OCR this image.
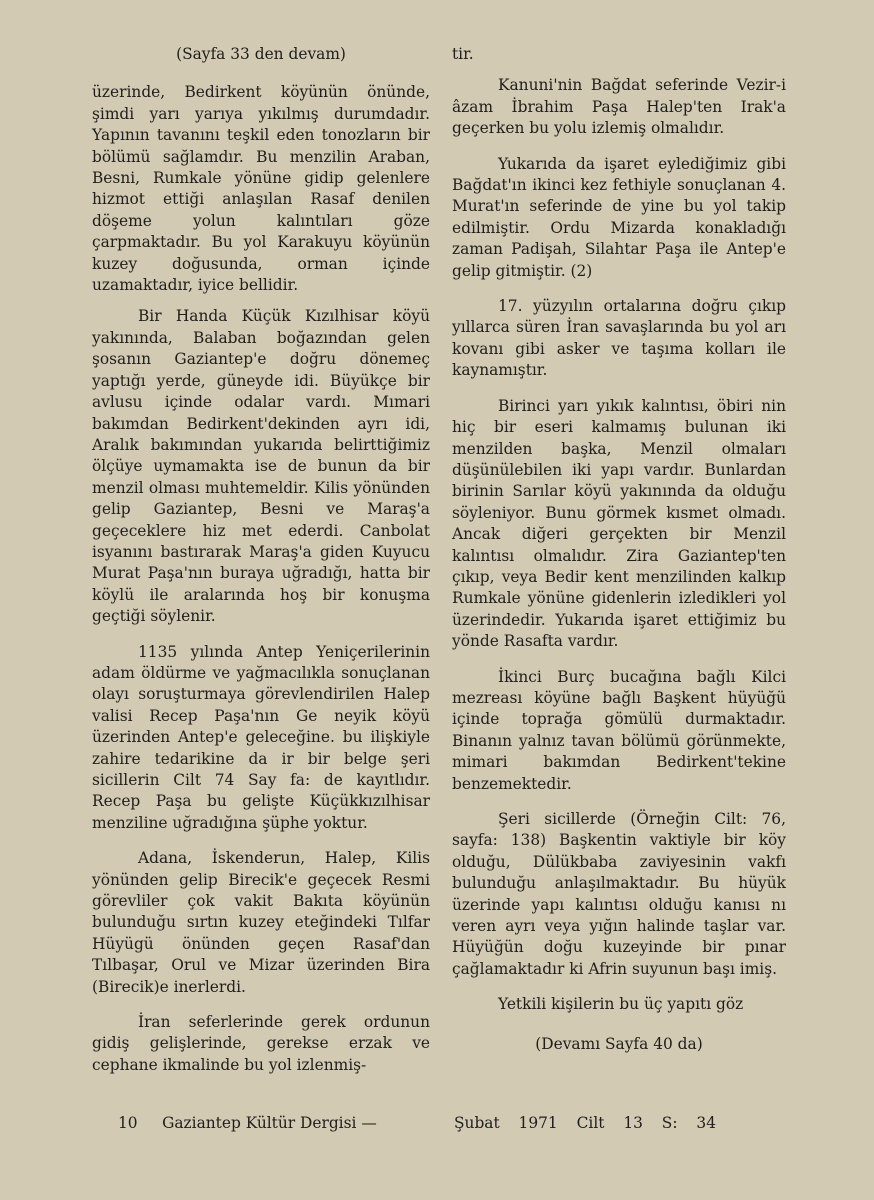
(Sayfa 33 den devam)

üzerinde, Bedirkent köyünün önünde, şimdi yarı yarıya yıkılmış durumdadır. Yapının tavanını teşkil eden tonozların bir bölümü sağlamdır. Bu menzilin Araban, Besni, Rumkale yönüne gidip gelenlere hizmot ettiği anlaşılan Rasaf denilen döşeme yolun kalıntıları göze çarpmaktadır. Bu yol Karakuyu köyünün kuzey doğusunda, orman içinde uzamaktadır, iyice bellidir.

Bir Handa Küçük Kızılhisar köyü yakınında, Balaban boğazından gelen şosanın Gaziantep'e doğru dönemeç yaptığı yerde, güneyde idi. Büyükçe bir avlusu içinde odalar vardı. Mımari bakımdan Bedirkent'dekinden ayrı idi, Aralık bakımından yukarıda belirttiğimiz ölçüye uymamakta ise de bunun da bir menzil olması muhtemeldir. Kilis yönünden gelip Gaziantep, Besni ve Maraş'a geçeceklere hiz met ederdi. Canbolat isyanını bastırarak Maraş'a giden Kuyucu Murat Paşa'nın buraya uğradığı, hatta bir köylü ile aralarında hoş bir konuşma geçtiği söylenir.

1135 yılında Antep Yeniçerilerinin adam öldürme ve yağmacılıkla sonuçlanan olayı soruşturmaya görevlendirilen Halep valisi Recep Paşa'nın Ge neyik köyü üzerinden Antep'e geleceğine. bu ilişkiyle zahire tedarikine da ir bir belge şeri sicillerin Cilt 74 Say fa: de kayıtlıdır. Recep Paşa bu gelişte Küçükkızılhisar menziline uğradığına şüphe yoktur.

Adana, İskenderun, Halep, Kilis yönünden gelip Birecik'e geçecek Resmi görevliler çok vakit Bakıta köyünün bulunduğu sırtın kuzey eteğindeki Tılfar Hüyügü önünden geçen Rasaf'dan Tılbaşar, Orul ve Mizar üzerinden Bira (Birecik)e inerlerdi.

İran seferlerinde gerek ordunun gidiş gelişlerinde, gerekse erzak ve cephane ikmalinde bu yol izlenmiş-

tir.

Kanuni'nin Bağdat seferinde Vezir-i âzam İbrahim Paşa Halep'ten Irak'a geçerken bu yolu izlemiş olmalıdır.

Yukarıda da işaret eylediğimiz gibi Bağdat'ın ikinci kez fethiyle sonuçlanan 4. Murat'ın seferinde de yine bu yol takip edilmiştir. Ordu Mizarda konakladığı zaman Padişah, Silahtar Paşa ile Antep'e gelip gitmiştir. (2)

17. yüzyılın ortalarına doğru çıkıp yıllarca süren İran savaşlarında bu yol arı kovanı gibi asker ve taşıma kolları ile kaynamıştır.

Birinci yarı yıkık kalıntısı, öbiri nin hiç bir eseri kalmamış bulunan iki menzilden başka, Menzil olmaları düşünülebilen iki yapı vardır. Bunlardan birinin Sarılar köyü yakınında da olduğu söyleniyor. Bunu görmek kısmet olmadı. Ancak diğeri gerçekten bir Menzil kalıntısı olmalıdır. Zira Gaziantep'ten çıkıp, veya Bedir kent menzilinden kalkıp Rumkale yönüne gidenlerin izledikleri yol üzerindedir. Yukarıda işaret ettiğimiz bu yönde Rasafta vardır.

İkinci Burç bucağına bağlı Kilci mezreası köyüne bağlı Başkent hüyüğü içinde toprağa gömülü durmaktadır. Binanın yalnız tavan bölümü görünmekte, mimari bakımdan Bedirkent'tekine benzemektedir.

Şeri sicillerde (Örneğin Cilt: 76, sayfa: 138) Başkentin vaktiyle bir köy olduğu, Dülükbaba zaviyesinin vakfı bulunduğu anlaşılmaktadır. Bu hüyük üzerinde yapı kalıntısı olduğu kanısı nı veren ayrı veya yığın halinde taşlar var. Hüyüğün doğu kuzeyinde bir pınar çağlamaktadır ki Afrin suyunun başı imiş.

Yetkili kişilerin bu üç yapıtı göz

(Devamı Sayfa 40 da)
10 Gaziantep Kültür Dergisi —	Şubat 1971 Cilt 13 S: 34
